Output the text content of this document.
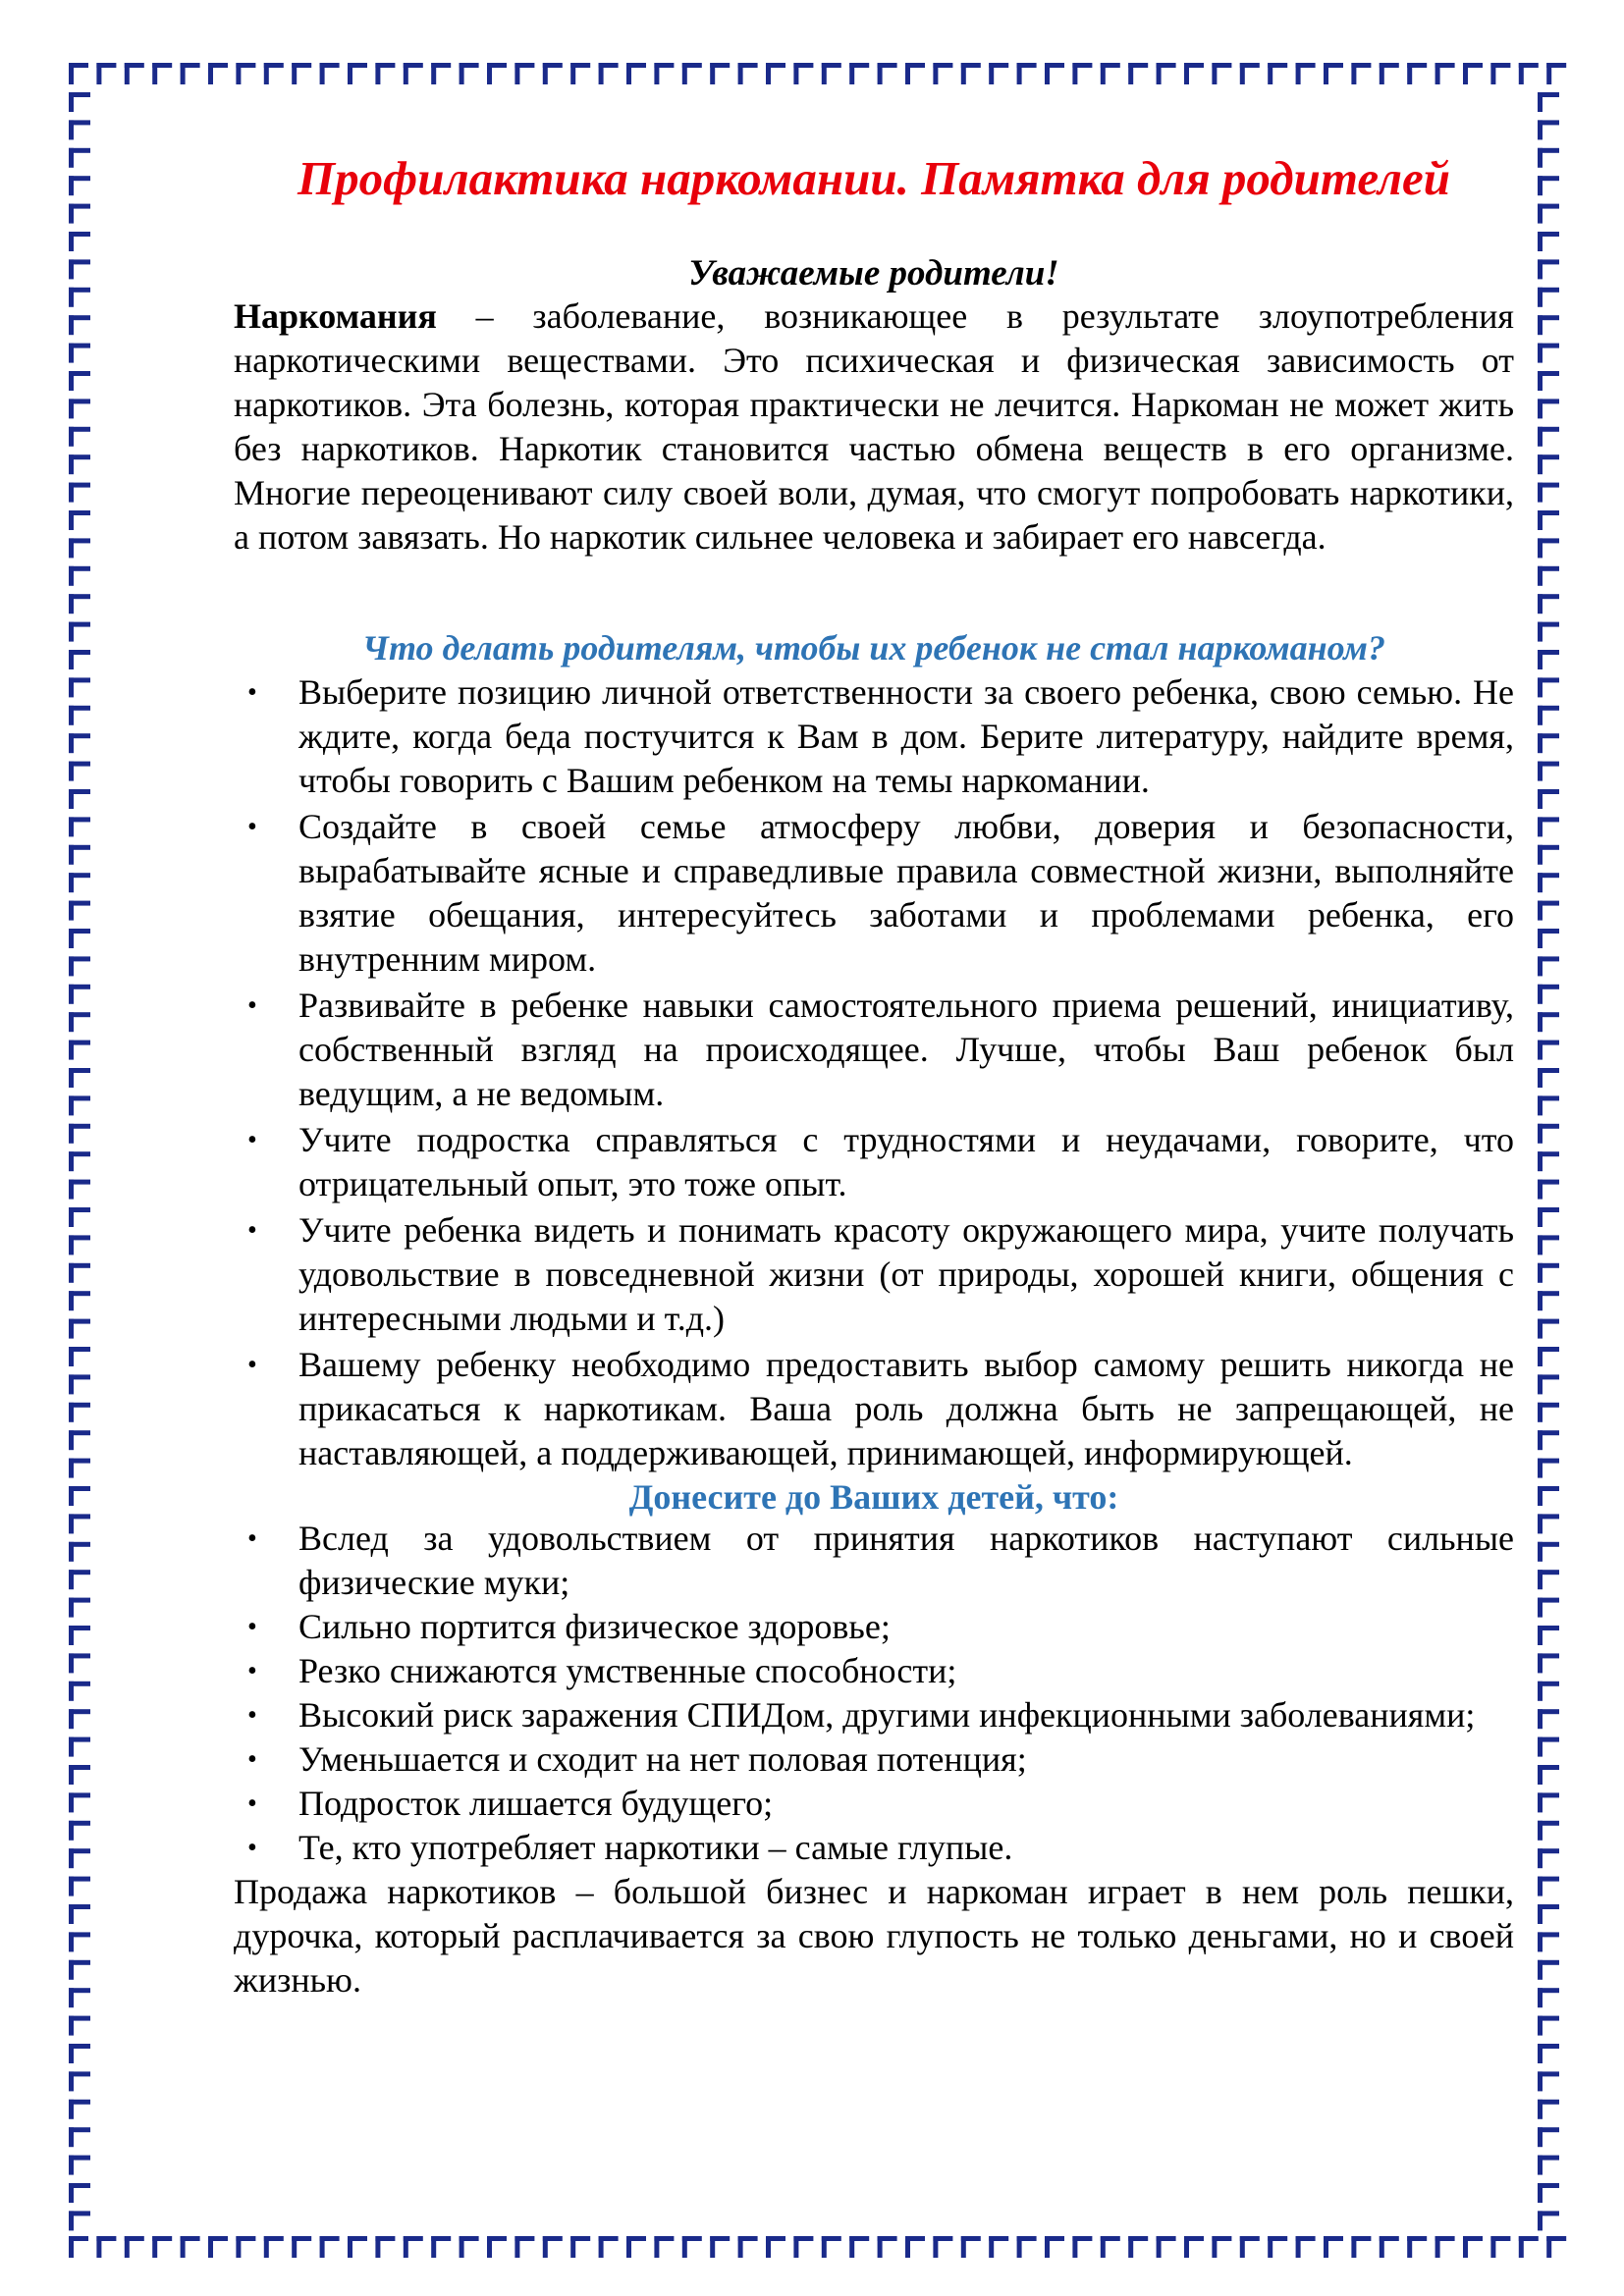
Профилактика наркомании. Памятка для родителей
Уважаемые родители!

Наркомания – заболевание, возникающее в результате злоупотребления наркотическими веществами. Это психическая и физическая зависимость от наркотиков. Эта болезнь, которая практически не лечится. Наркоман не может жить без наркотиков. Наркотик становится частью обмена веществ в его организме. Многие переоценивают силу своей воли, думая, что смогут попробовать наркотики, а потом завязать. Но наркотик сильнее человека и забирает его навсегда.

Что делать родителям, чтобы их ребенок не стал наркоманом?
• Выберите позицию личной ответственности за своего ребенка, свою семью. Не ждите, когда беда постучится к Вам в дом. Берите литературу, найдите время, чтобы говорить с Вашим ребенком на темы наркомании.
• Создайте в своей семье атмосферу любви, доверия и безопасности, вырабатывайте ясные и справедливые правила совместной жизни, выполняйте взятие обещания, интересуйтесь заботами и проблемами ребенка, его внутренним миром.
• Развивайте в ребенке навыки самостоятельного приема решений, инициативу, собственный взгляд на происходящее. Лучше, чтобы Ваш ребенок был ведущим, а не ведомым.
• Учите подростка справляться с трудностями и неудачами, говорите, что отрицательный опыт, это тоже опыт.
• Учите ребенка видеть и понимать красоту окружающего мира, учите получать удовольствие в повседневной жизни (от природы, хорошей книги, общения с интересными людьми и т.д.)
• Вашему ребенку необходимо предоставить выбор самому решить никогда не прикасаться к наркотикам. Ваша роль должна быть не запрещающей, не наставляющей, а поддерживающей, принимающей, информирующей.
Донесите до Ваших детей, что:
• Вслед за удовольствием от принятия наркотиков наступают сильные физические муки;
• Сильно портится физическое здоровье;
• Резко снижаются умственные способности;
• Высокий риск заражения СПИДом, другими инфекционными заболеваниями;
• Уменьшается и сходит на нет половая потенция;
• Подросток лишается будущего;
• Те, кто употребляет наркотики – самые глупые.

Продажа наркотиков – большой бизнес и наркоман играет в нем роль пешки, дурочка, который расплачивается за свою глупость не только деньгами, но и своей жизнью.
